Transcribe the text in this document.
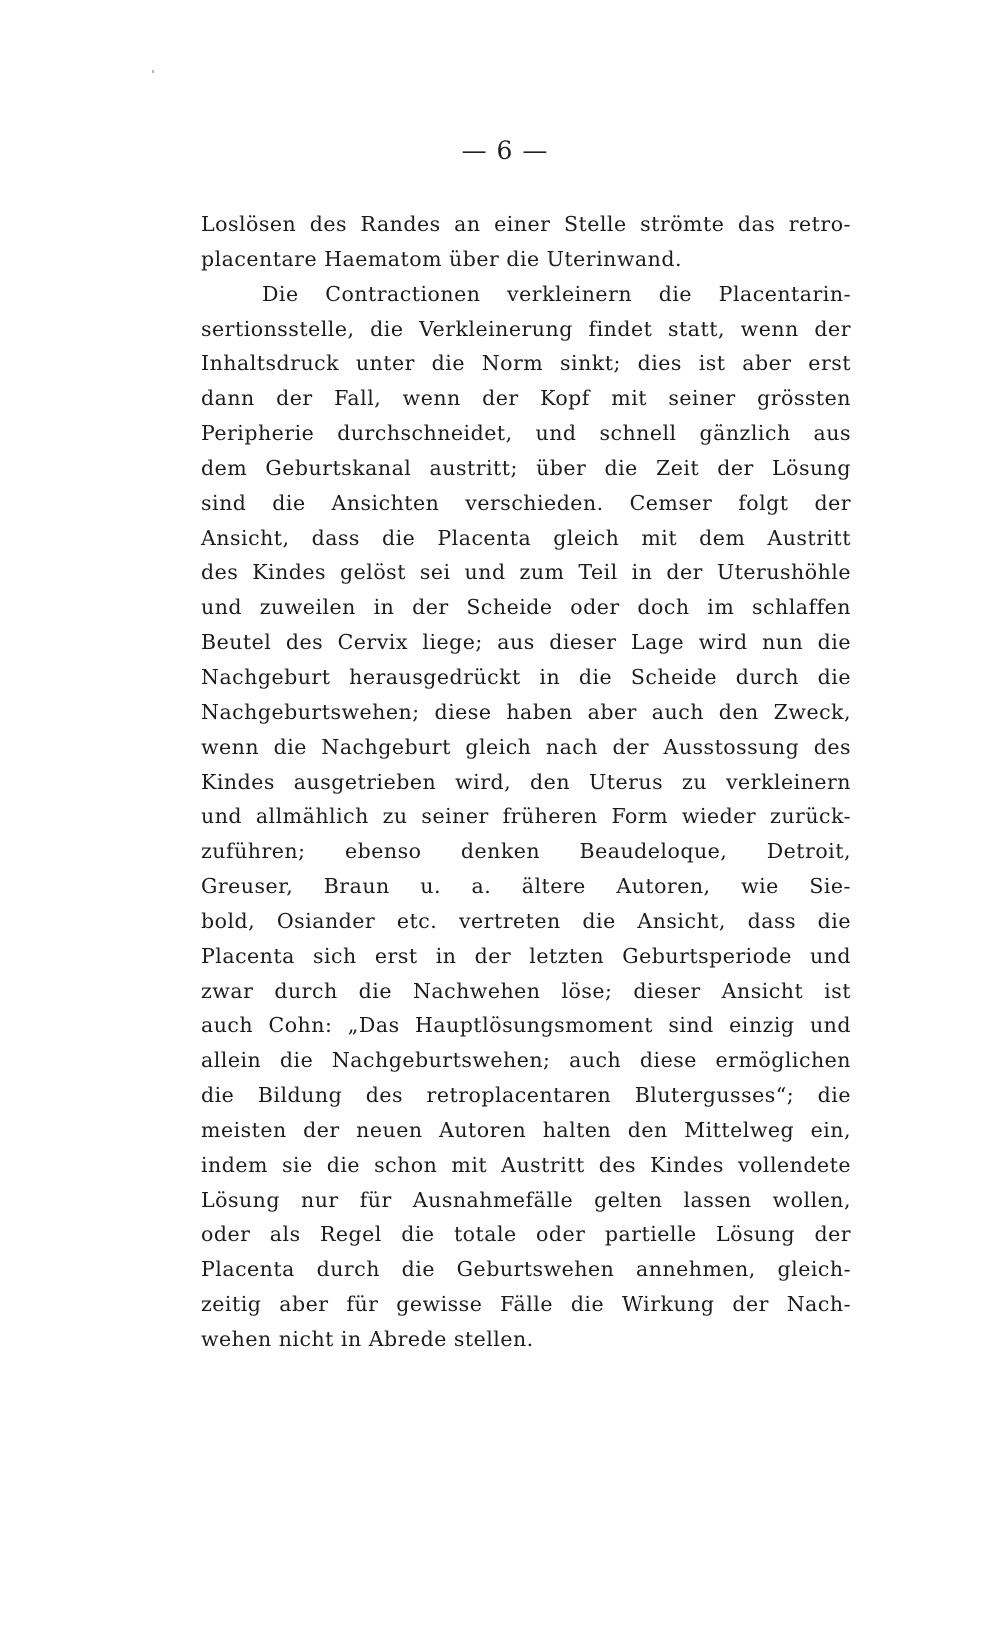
— 6 —
Loslösen des Randes an einer Stelle strömte das retro-
placentare Haematom über die Uterinwand.
Die Contractionen verkleinern die Placentarin-
sertionsstelle, die Verkleinerung findet statt, wenn der
Inhaltsdruck unter die Norm sinkt; dies ist aber erst
dann der Fall, wenn der Kopf mit seiner grössten
Peripherie durchschneidet, und schnell gänzlich aus
dem Geburtskanal austritt; über die Zeit der Lösung
sind die Ansichten verschieden. Cemser folgt der
Ansicht, dass die Placenta gleich mit dem Austritt
des Kindes gelöst sei und zum Teil in der Uterushöhle
und zuweilen in der Scheide oder doch im schlaffen
Beutel des Cervix liege; aus dieser Lage wird nun die
Nachgeburt herausgedrückt in die Scheide durch die
Nachgeburtswehen; diese haben aber auch den Zweck,
wenn die Nachgeburt gleich nach der Ausstossung des
Kindes ausgetrieben wird, den Uterus zu verkleinern
und allmählich zu seiner früheren Form wieder zurück-
zuführen; ebenso denken Beaudeloque, Detroit,
Greuser, Braun u. a. ältere Autoren, wie Sie-
bold, Osiander etc. vertreten die Ansicht, dass die
Placenta sich erst in der letzten Geburtsperiode und
zwar durch die Nachwehen löse; dieser Ansicht ist
auch Cohn: „Das Hauptlösungsmoment sind einzig und
allein die Nachgeburtswehen; auch diese ermöglichen
die Bildung des retroplacentaren Blutergusses“; die
meisten der neuen Autoren halten den Mittelweg ein,
indem sie die schon mit Austritt des Kindes vollendete
Lösung nur für Ausnahmefälle gelten lassen wollen,
oder als Regel die totale oder partielle Lösung der
Placenta durch die Geburtswehen annehmen, gleich-
zeitig aber für gewisse Fälle die Wirkung der Nach-
wehen nicht in Abrede stellen.
